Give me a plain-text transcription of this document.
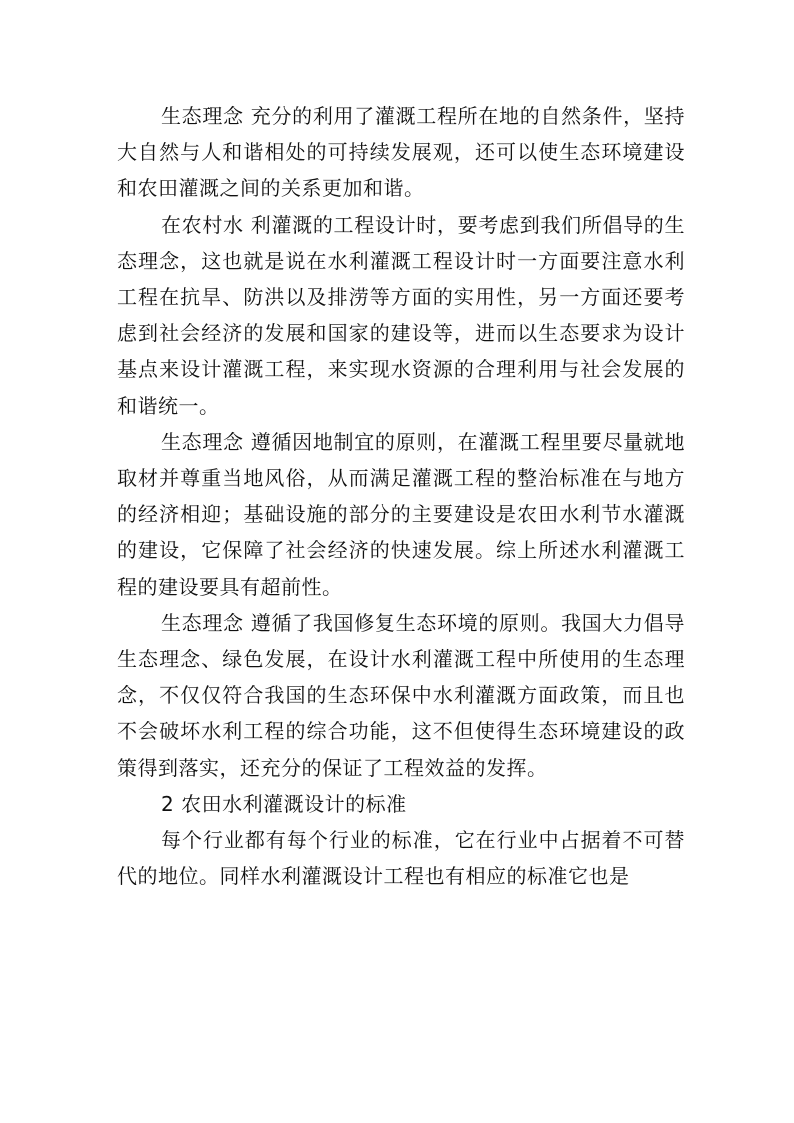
生态理念 充分的利用了灌溉工程所在地的自然条件，坚持大自然与人和谐相处的可持续发展观，还可以使生态环境建设和农田灌溉之间的关系更加和谐。

在农村水 利灌溉的工程设计时，要考虑到我们所倡导的生态理念，这也就是说在水利灌溉工程设计时一方面要注意水利工程在抗旱、防洪以及排涝等方面的实用性，另一方面还要考虑到社会经济的发展和国家的建设等，进而以生态要求为设计基点来设计灌溉工程，来实现水资源的合理利用与社会发展的和谐统一。

生态理念 遵循因地制宜的原则，在灌溉工程里要尽量就地取材并尊重当地风俗，从而满足灌溉工程的整治标准在与地方的经济相迎；基础设施的部分的主要建设是农田水利节水灌溉的建设，它保障了社会经济的快速发展。综上所述水利灌溉工程的建设要具有超前性。

生态理念 遵循了我国修复生态环境的原则。我国大力倡导生态理念、绿色发展，在设计水利灌溉工程中所使用的生态理念，不仅仅符合我国的生态环保中水利灌溉方面政策，而且也不会破坏水利工程的综合功能，这不但使得生态环境建设的政策得到落实，还充分的保证了工程效益的发挥。

2 农田水利灌溉设计的标准

每个行业都有每个行业的标准，它在行业中占据着不可替代的地位。同样水利灌溉设计工程也有相应的标准它也是
